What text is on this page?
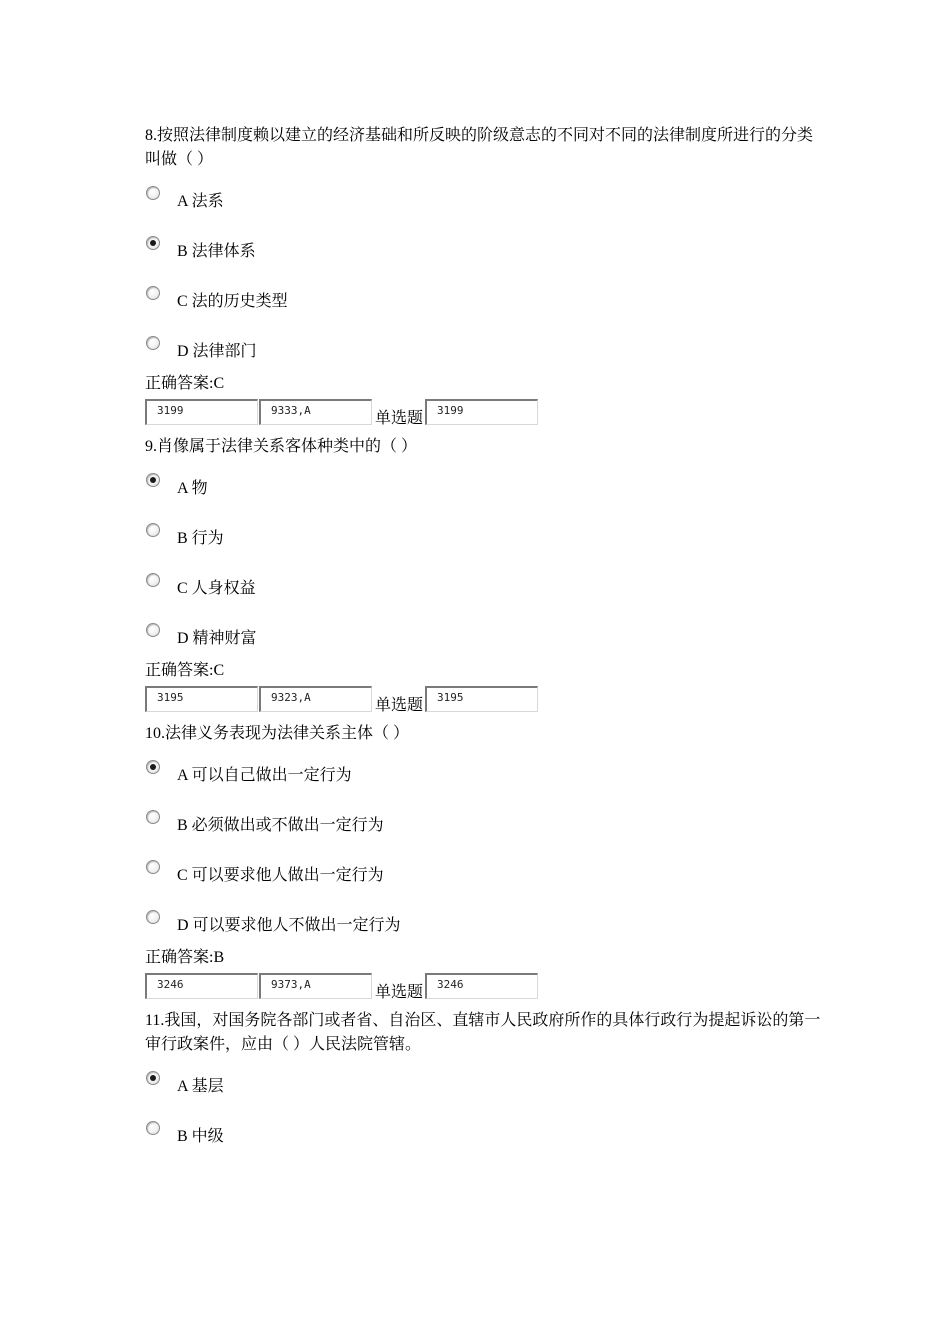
8.按照法律制度赖以建立的经济基础和所反映的阶级意志的不同对不同的法律制度所进行的分类叫做（ ）

A 法系
B 法律体系
C 法的历史类型
D 法律部门
正确答案:C
3199	9333,A	单选题	3199

9.肖像属于法律关系客体种类中的（ ）

A 物
B 行为
C 人身权益
D 精神财富
正确答案:C
3195	9323,A	单选题	3195

10.法律义务表现为法律关系主体（ ）

A 可以自己做出一定行为
B 必须做出或不做出一定行为
C 可以要求他人做出一定行为
D 可以要求他人不做出一定行为
正确答案:B
3246	9373,A	单选题	3246

11.我国，对国务院各部门或者省、自治区、直辖市人民政府所作的具体行政行为提起诉讼的第一审行政案件，应由（ ）人民法院管辖。

A 基层
B 中级
